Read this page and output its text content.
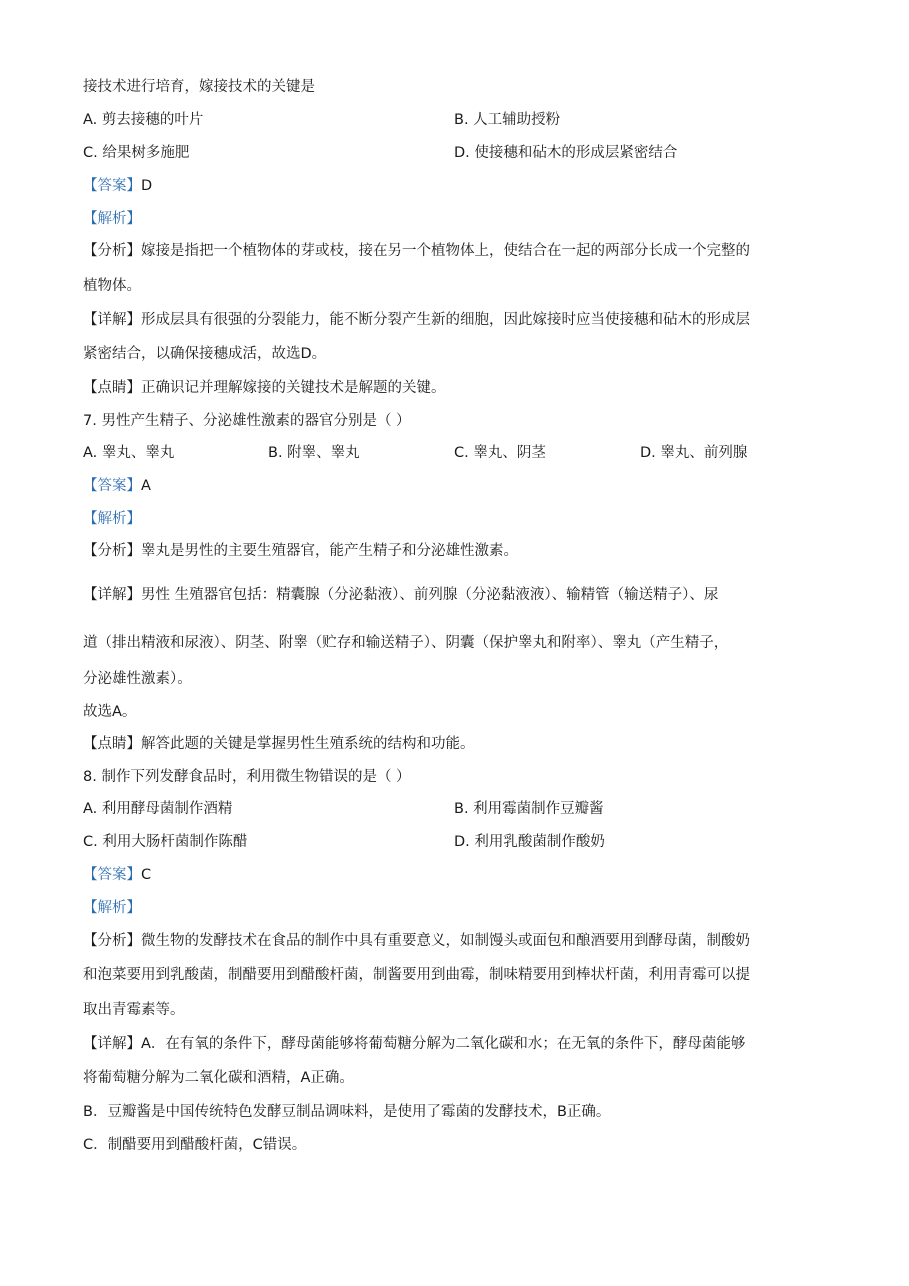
接技术进行培育，嫁接技术的关键是
A. 剪去接穗的叶片	B. 人工辅助授粉
C. 给果树多施肥	D. 使接穗和砧木的形成层紧密结合
【答案】D
【解析】
【分析】嫁接是指把一个植物体的芽或枝，接在另一个植物体上，使结合在一起的两部分长成一个完整的
植物体。
【详解】形成层具有很强的分裂能力，能不断分裂产生新的细胞，因此嫁接时应当使接穗和砧木的形成层
紧密结合，以确保接穗成活，故选D。
【点睛】正确识记并理解嫁接的关键技术是解题的关键。
7. 男性产生精子、分泌雄性激素的器官分别是（ ）
A. 睾丸、睾丸	B. 附睾、睾丸	C. 睾丸、阴茎	D. 睾丸、前列腺
【答案】A
【解析】
【分析】睾丸是男性的主要生殖器官，能产生精子和分泌雄性激素。
【详解】男性 生殖器官包括：精囊腺（分泌黏液）、前列腺（分泌黏液液）、输精管（输送精子）、尿
道（排出精液和尿液）、阴茎、附睾（贮存和输送精子）、阴囊（保护睾丸和附率）、睾丸（产生精子，
分泌雄性激素）。
故选A。
【点睛】解答此题的关键是掌握男性生殖系统的结构和功能。
8. 制作下列发酵食品时，利用微生物错误的是（ ）
A. 利用酵母菌制作酒精	B. 利用霉菌制作豆瓣酱
C. 利用大肠杆菌制作陈醋	D. 利用乳酸菌制作酸奶
【答案】C
【解析】
【分析】微生物的发酵技术在食品的制作中具有重要意义，如制馒头或面包和酿酒要用到酵母菌，制酸奶
和泡菜要用到乳酸菌，制醋要用到醋酸杆菌，制酱要用到曲霉，制味精要用到棒状杆菌，利用青霉可以提
取出青霉素等。
【详解】A．在有氧的条件下，酵母菌能够将葡萄糖分解为二氧化碳和水；在无氧的条件下，酵母菌能够
将葡萄糖分解为二氧化碳和酒精，A正确。
B．豆瓣酱是中国传统特色发酵豆制品调味料，是使用了霉菌的发酵技术，B正确。
C．制醋要用到醋酸杆菌，C错误。
